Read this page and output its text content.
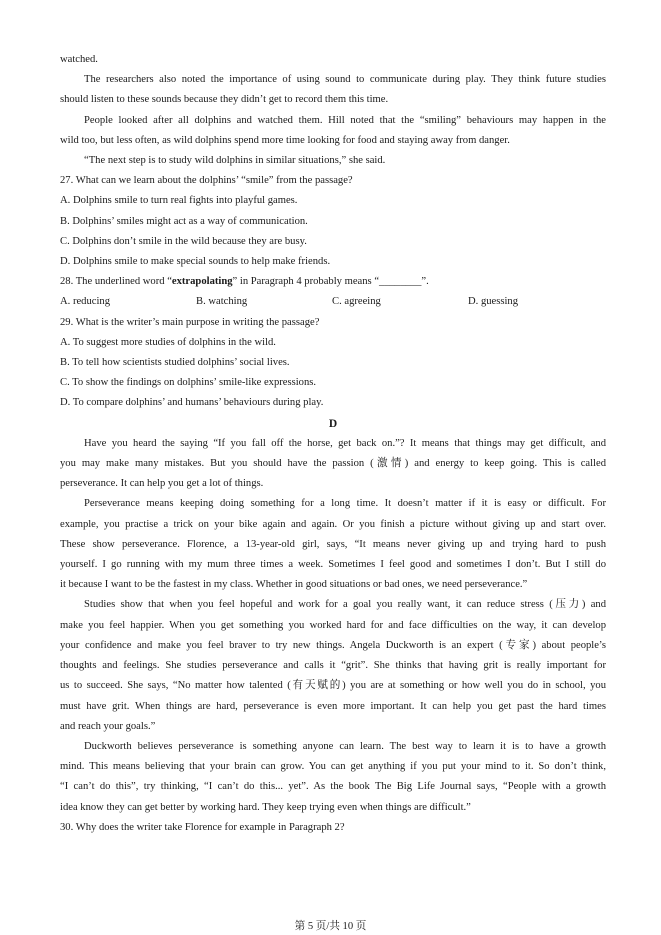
watched.

The researchers also noted the importance of using sound to communicate during play. They think future studies

should listen to these sounds because they didn’t get to record them this time.

People looked after all dolphins and watched them. Hill noted that the “smiling” behaviours may happen in the

wild too, but less often, as wild dolphins spend more time looking for food and staying away from danger.

“The next step is to study wild dolphins in similar situations,” she said.

27. What can we learn about the dolphins’ “smile” from the passage?

A. Dolphins smile to turn real fights into playful games.

B. Dolphins’ smiles might act as a way of communication.

C. Dolphins don’t smile in the wild because they are busy.

D. Dolphins smile to make special sounds to help make friends.

28. The underlined word “extrapolating” in Paragraph 4 probably means “________”.

A. reducing	B. watching	C. agreeing	D. guessing

29. What is the writer’s main purpose in writing the passage?

A. To suggest more studies of dolphins in the wild.

B. To tell how scientists studied dolphins’ social lives.

C. To show the findings on dolphins’ smile-like expressions.

D. To compare dolphins’ and humans’ behaviours during play.

D

Have you heard the saying “If you fall off the horse, get back on.”? It means that things may get difficult, and

you may make many mistakes. But you should have the passion (激情) and energy to keep going. This is called

perseverance. It can help you get a lot of things.

Perseverance means keeping doing something for a long time. It doesn’t matter if it is easy or difficult. For

example, you practise a trick on your bike again and again. Or you finish a picture without giving up and start over.

These show perseverance. Florence, a 13-year-old girl, says, “It means never giving up and trying hard to push

yourself. I go running with my mum three times a week. Sometimes I feel good and sometimes I don’t. But I still do

it because I want to be the fastest in my class. Whether in good situations or bad ones, we need perseverance.”

Studies show that when you feel hopeful and work for a goal you really want, it can reduce stress (压力) and

make you feel happier. When you get something you worked hard for and face difficulties on the way, it can develop

your confidence and make you feel braver to try new things. Angela Duckworth is an expert (专家) about people’s

thoughts and feelings. She studies perseverance and calls it “grit”. She thinks that having grit is really important for

us to succeed. She says, “No matter how talented (有天赋的) you are at something or how well you do in school, you

must have grit. When things are hard, perseverance is even more important. It can help you get past the hard times

and reach your goals.”

Duckworth believes perseverance is something anyone can learn. The best way to learn it is to have a growth

mind. This means believing that your brain can grow. You can get anything if you put your mind to it. So don’t think,

“I can’t do this”, try thinking, “I can’t do this... yet”. As the book The Big Life Journal says, “People with a growth

idea know they can get better by working hard. They keep trying even when things are difficult.”

30. Why does the writer take Florence for example in Paragraph 2?

第 5 页/共 10 页
